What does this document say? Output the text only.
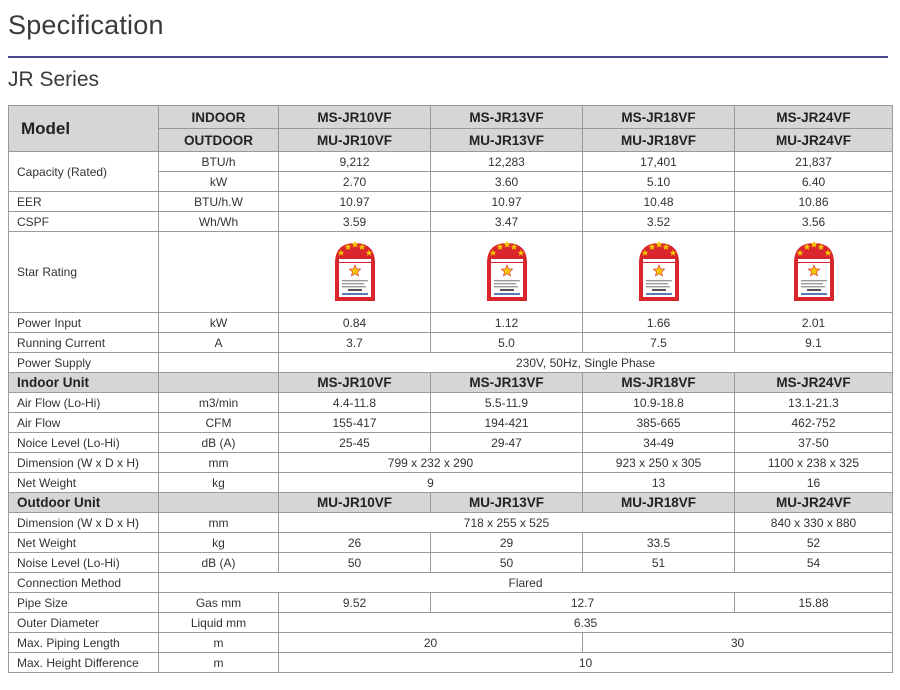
Specification
JR Series
Model	INDOOR	MS-JR10VF	MS-JR13VF	MS-JR18VF	MS-JR24VF
	OUTDOOR	MU-JR10VF	MU-JR13VF	MU-JR18VF	MU-JR24VF
Capacity (Rated)	BTU/h	9,212	12,283	17,401	21,837
	kW	2.70	3.60	5.10	6.40
EER	BTU/h.W	10.97	10.97	10.48	10.86
CSPF	Wh/Wh	3.59	3.47	3.52	3.56
Star Rating					
Power Input	kW	0.84	1.12	1.66	2.01
Running Current	A	3.7	5.0	7.5	9.1
Power Supply		230V, 50Hz, Single Phase			
Indoor Unit		MS-JR10VF	MS-JR13VF	MS-JR18VF	MS-JR24VF
Air Flow (Lo-Hi)	m3/min	4.4-11.8	5.5-11.9	10.9-18.8	13.1-21.3
Air Flow	CFM	155-417	194-421	385-665	462-752
Noice Level (Lo-Hi)	dB (A)	25-45	29-47	34-49	37-50
Dimension (W x D x H)	mm	799 x 232 x 290		923 x 250 x 305	1100 x 238 x 325
Net Weight	kg	9		13	16
Outdoor Unit		MU-JR10VF	MU-JR13VF	MU-JR18VF	MU-JR24VF
Dimension (W x D x H)	mm	718 x 255 x 525			840 x 330 x 880
Net Weight	kg	26	29	33.5	52
Noise Level (Lo-Hi)	dB (A)	50	50	51	54
Connection Method	Flared				
Pipe Size	Gas mm	9.52	12.7		15.88
Outer Diameter	Liquid mm	6.35			
Max. Piping Length	m	20		30	
Max. Height Difference	m	10			
